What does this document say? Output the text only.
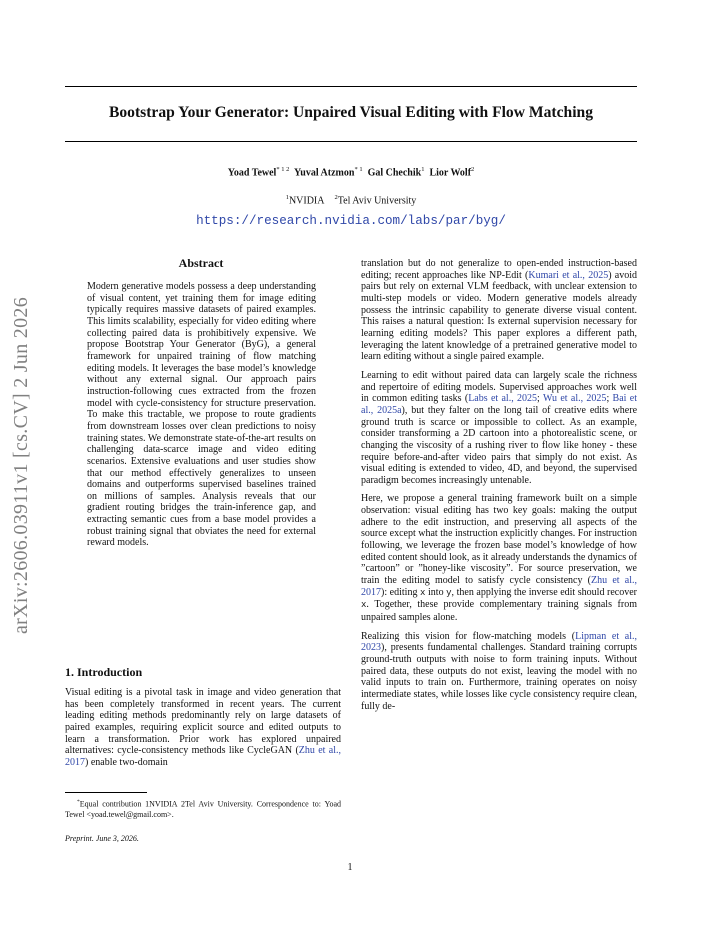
arXiv:2606.03911v1 [cs.CV] 2 Jun 2026
Bootstrap Your Generator: Unpaired Visual Editing with Flow Matching
Yoad Tewel$^{* 1 2}$ Yuval Atzmon$^{* 1}$ Gal Chechik$^1$ Lior Wolf$^2$
$^1$NVIDIA $^2$Tel Aviv University
https://research.nvidia.com/labs/par/byg/
Abstract

Modern generative models possess a deep understanding of visual content, yet training them for image editing typically requires massive datasets of paired examples. This limits scalability, especially for video editing where collecting paired data is prohibitively expensive. We propose Bootstrap Your Generator (ByG), a general framework for unpaired training of flow matching editing models. It leverages the base model’s knowledge without any external signal. Our approach pairs instruction-following cues extracted from the frozen model with cycle-consistency for structure preservation. To make this tractable, we propose to route gradients from downstream losses over clean predictions to noisy training states. We demonstrate state-of-the-art results on challenging data-scarce image and video editing scenarios. Extensive evaluations and user studies show that our method effectively generalizes to unseen domains and outperforms supervised baselines trained on millions of samples. Analysis reveals that our gradient routing bridges the train-inference gap, and extracting semantic cues from a base model provides a robust training signal that obviates the need for external reward models.

1. Introduction

Visual editing is a pivotal task in image and video generation that has been completely transformed in recent years. The current leading editing methods predominantly rely on large datasets of paired examples, requiring explicit source and edited outputs to learn a transformation. Prior work has explored unpaired alternatives: cycle-consistency methods like CycleGAN (Zhu et al., 2017) enable two-domain

*Equal contribution 1NVIDIA 2Tel Aviv University. Correspondence to: Yoad Tewel <yoad.tewel@gmail.com>.
Preprint. June 3, 2026.

translation but do not generalize to open-ended instruction-based editing; recent approaches like NP-Edit (Kumari et al., 2025) avoid pairs but rely on external VLM feedback, with unclear extension to multi-step models or video. Modern generative models already possess the intrinsic capability to generate diverse visual content. This raises a natural question: Is external supervision necessary for learning editing models? This paper explores a different path, leveraging the latent knowledge of a pretrained generative model to learn editing without a single paired example.

Learning to edit without paired data can largely scale the richness and repertoire of editing models. Supervised approaches work well in common editing tasks (Labs et al., 2025; Wu et al., 2025; Bai et al., 2025a), but they falter on the long tail of creative edits where ground truth is scarce or impossible to collect. As an example, consider transforming a 2D cartoon into a photorealistic scene, or changing the viscosity of a rushing river to flow like honey - these require before-and-after video pairs that simply do not exist. As visual editing is extended to video, 4D, and beyond, the supervised paradigm becomes increasingly untenable.

Here, we propose a general training framework built on a simple observation: visual editing has two key goals: making the output adhere to the edit instruction, and preserving all aspects of the source except what the instruction explicitly changes. For instruction following, we leverage the frozen base model’s knowledge of how edited content should look, as it already understands the dynamics of ”cartoon” or ”honey-like viscosity”. For source preservation, we train the editing model to satisfy cycle consistency (Zhu et al., 2017): editing x into y, then applying the inverse edit should recover x. Together, these provide complementary training signals from unpaired samples alone.

Realizing this vision for flow-matching models (Lipman et al., 2023), presents fundamental challenges. Standard training corrupts ground-truth outputs with noise to form training inputs. Without paired data, these outputs do not exist, leaving the model with no valid inputs to train on. Furthermore, training operates on noisy intermediate states, while losses like cycle consistency require clean, fully de-

1
